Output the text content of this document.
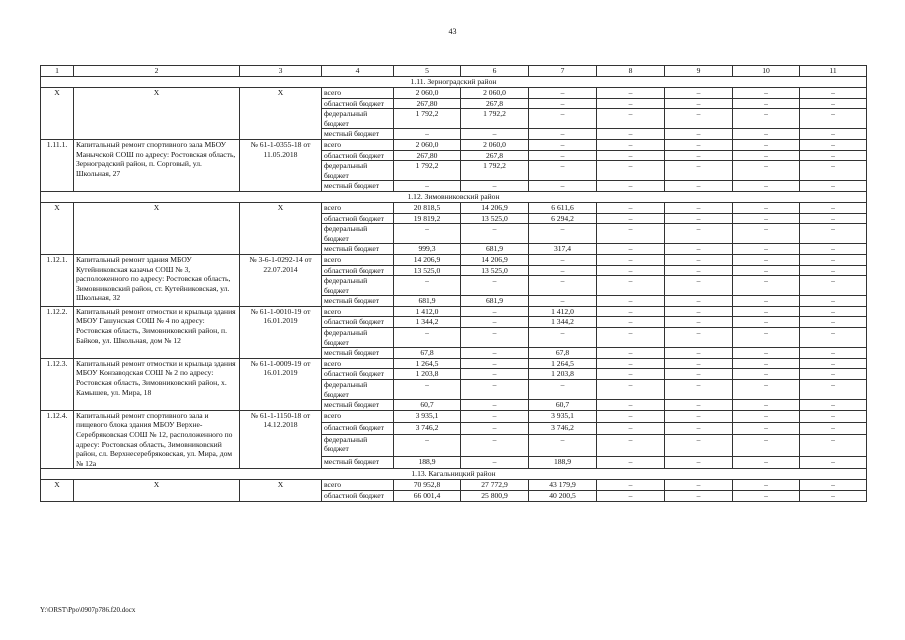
43
1	2	3	4	5	6	7	8	9	10	11
1.11. Зерноградский район										
Х	Х	Х	всего	2 060,0	2 060,0	–	–	–	–	–
			областной бюджет	267,80	267,8	–	–	–	–	–
			федеральный бюджет	1 792,2	1 792,2	–	–	–	–	–
			местный бюджет	–	–	–	–	–	–	–
1.11.1.	Капитальный ремонт спортивного зала МБОУ Манычской СОШ по адресу: Ростовская область, Зерноградский район, п. Сорговый, ул. Школьная, 27	№ 61-1-0355-18 от 11.05.2018	всего	2 060,0	2 060,0	–	–	–	–	–
			областной бюджет	267,80	267,8	–	–	–	–	–
			федеральный бюджет	1 792,2	1 792,2	–	–	–	–	–
			местный бюджет	–	–	–	–	–	–	–
1.12. Зимовниковский район										
Х	Х	Х	всего	20 818,5	14 206,9	6 611,6	–	–	–	–
			областной бюджет	19 819,2	13 525,0	6 294,2	–	–	–	–
			федеральный бюджет	–	–	–	–	–	–	–
			местный бюджет	999,3	681,9	317,4	–	–	–	–
1.12.1.	Капитальный ремонт здания МБОУ Кутейниковская казачья СОШ № 3, расположенного по адресу: Ростовская область, Зимовниковский район, ст. Кутейниковская, ул. Школьная, 32	№ 3-6-1-0292-14 от 22.07.2014	всего	14 206,9	14 206,9	–	–	–	–	–
			областной бюджет	13 525,0	13 525,0	–	–	–	–	–
			федеральный бюджет	–	–	–	–	–	–	–
			местный бюджет	681,9	681,9	–	–	–	–	–
1.12.2.	Капитальный ремонт отмостки и крыльца здания МБОУ Гашунская СОШ № 4 по адресу: Ростовская область, Зимовниковский район, п. Байков, ул. Школьная, дом № 12	№ 61-1-0010-19 от 16.01.2019	всего	1 412,0	–	1 412,0	–	–	–	–
			областной бюджет	1 344,2	–	1 344,2	–	–	–	–
			федеральный бюджет	–	–	–	–	–	–	–
			местный бюджет	67,8	–	67,8	–	–	–	–
1.12.3.	Капитальный ремонт отмостки и крыльца здания МБОУ Конзаводская СОШ № 2 по адресу: Ростовская область, Зимовниковский район, х. Камышев, ул. Мира, 18	№ 61-1-0009-19 от 16.01.2019	всего	1 264,5	–	1 264,5	–	–	–	–
			областной бюджет	1 203,8	–	1 203,8	–	–	–	–
			федеральный бюджет	–	–	–	–	–	–	–
			местный бюджет	60,7	–	60,7	–	–	–	–
1.12.4.	Капитальный ремонт спортивного зала и пищевого блока здания МБОУ Верхне-Серебряковская СОШ № 12, расположенного по адресу: Ростовская область, Зимовниковский район, сл. Верхнесеребряковская, ул. Мира, дом № 12а	№ 61-1-1150-18 от 14.12.2018	всего	3 935,1	–	3 935,1	–	–	–	–
			областной бюджет	3 746,2	–	3 746,2	–	–	–	–
			федеральный бюджет	–	–	–	–	–	–	–
			местный бюджет	188,9	–	188,9	–	–	–	–
1.13. Кагальницкий район										
Х	Х	Х	всего	70 952,8	27 772,9	43 179,9	–	–	–	–
			областной бюджет	66 001,4	25 800,9	40 200,5	–	–	–	–
Y:\ORST\Ppo\0907p786.f20.docx
